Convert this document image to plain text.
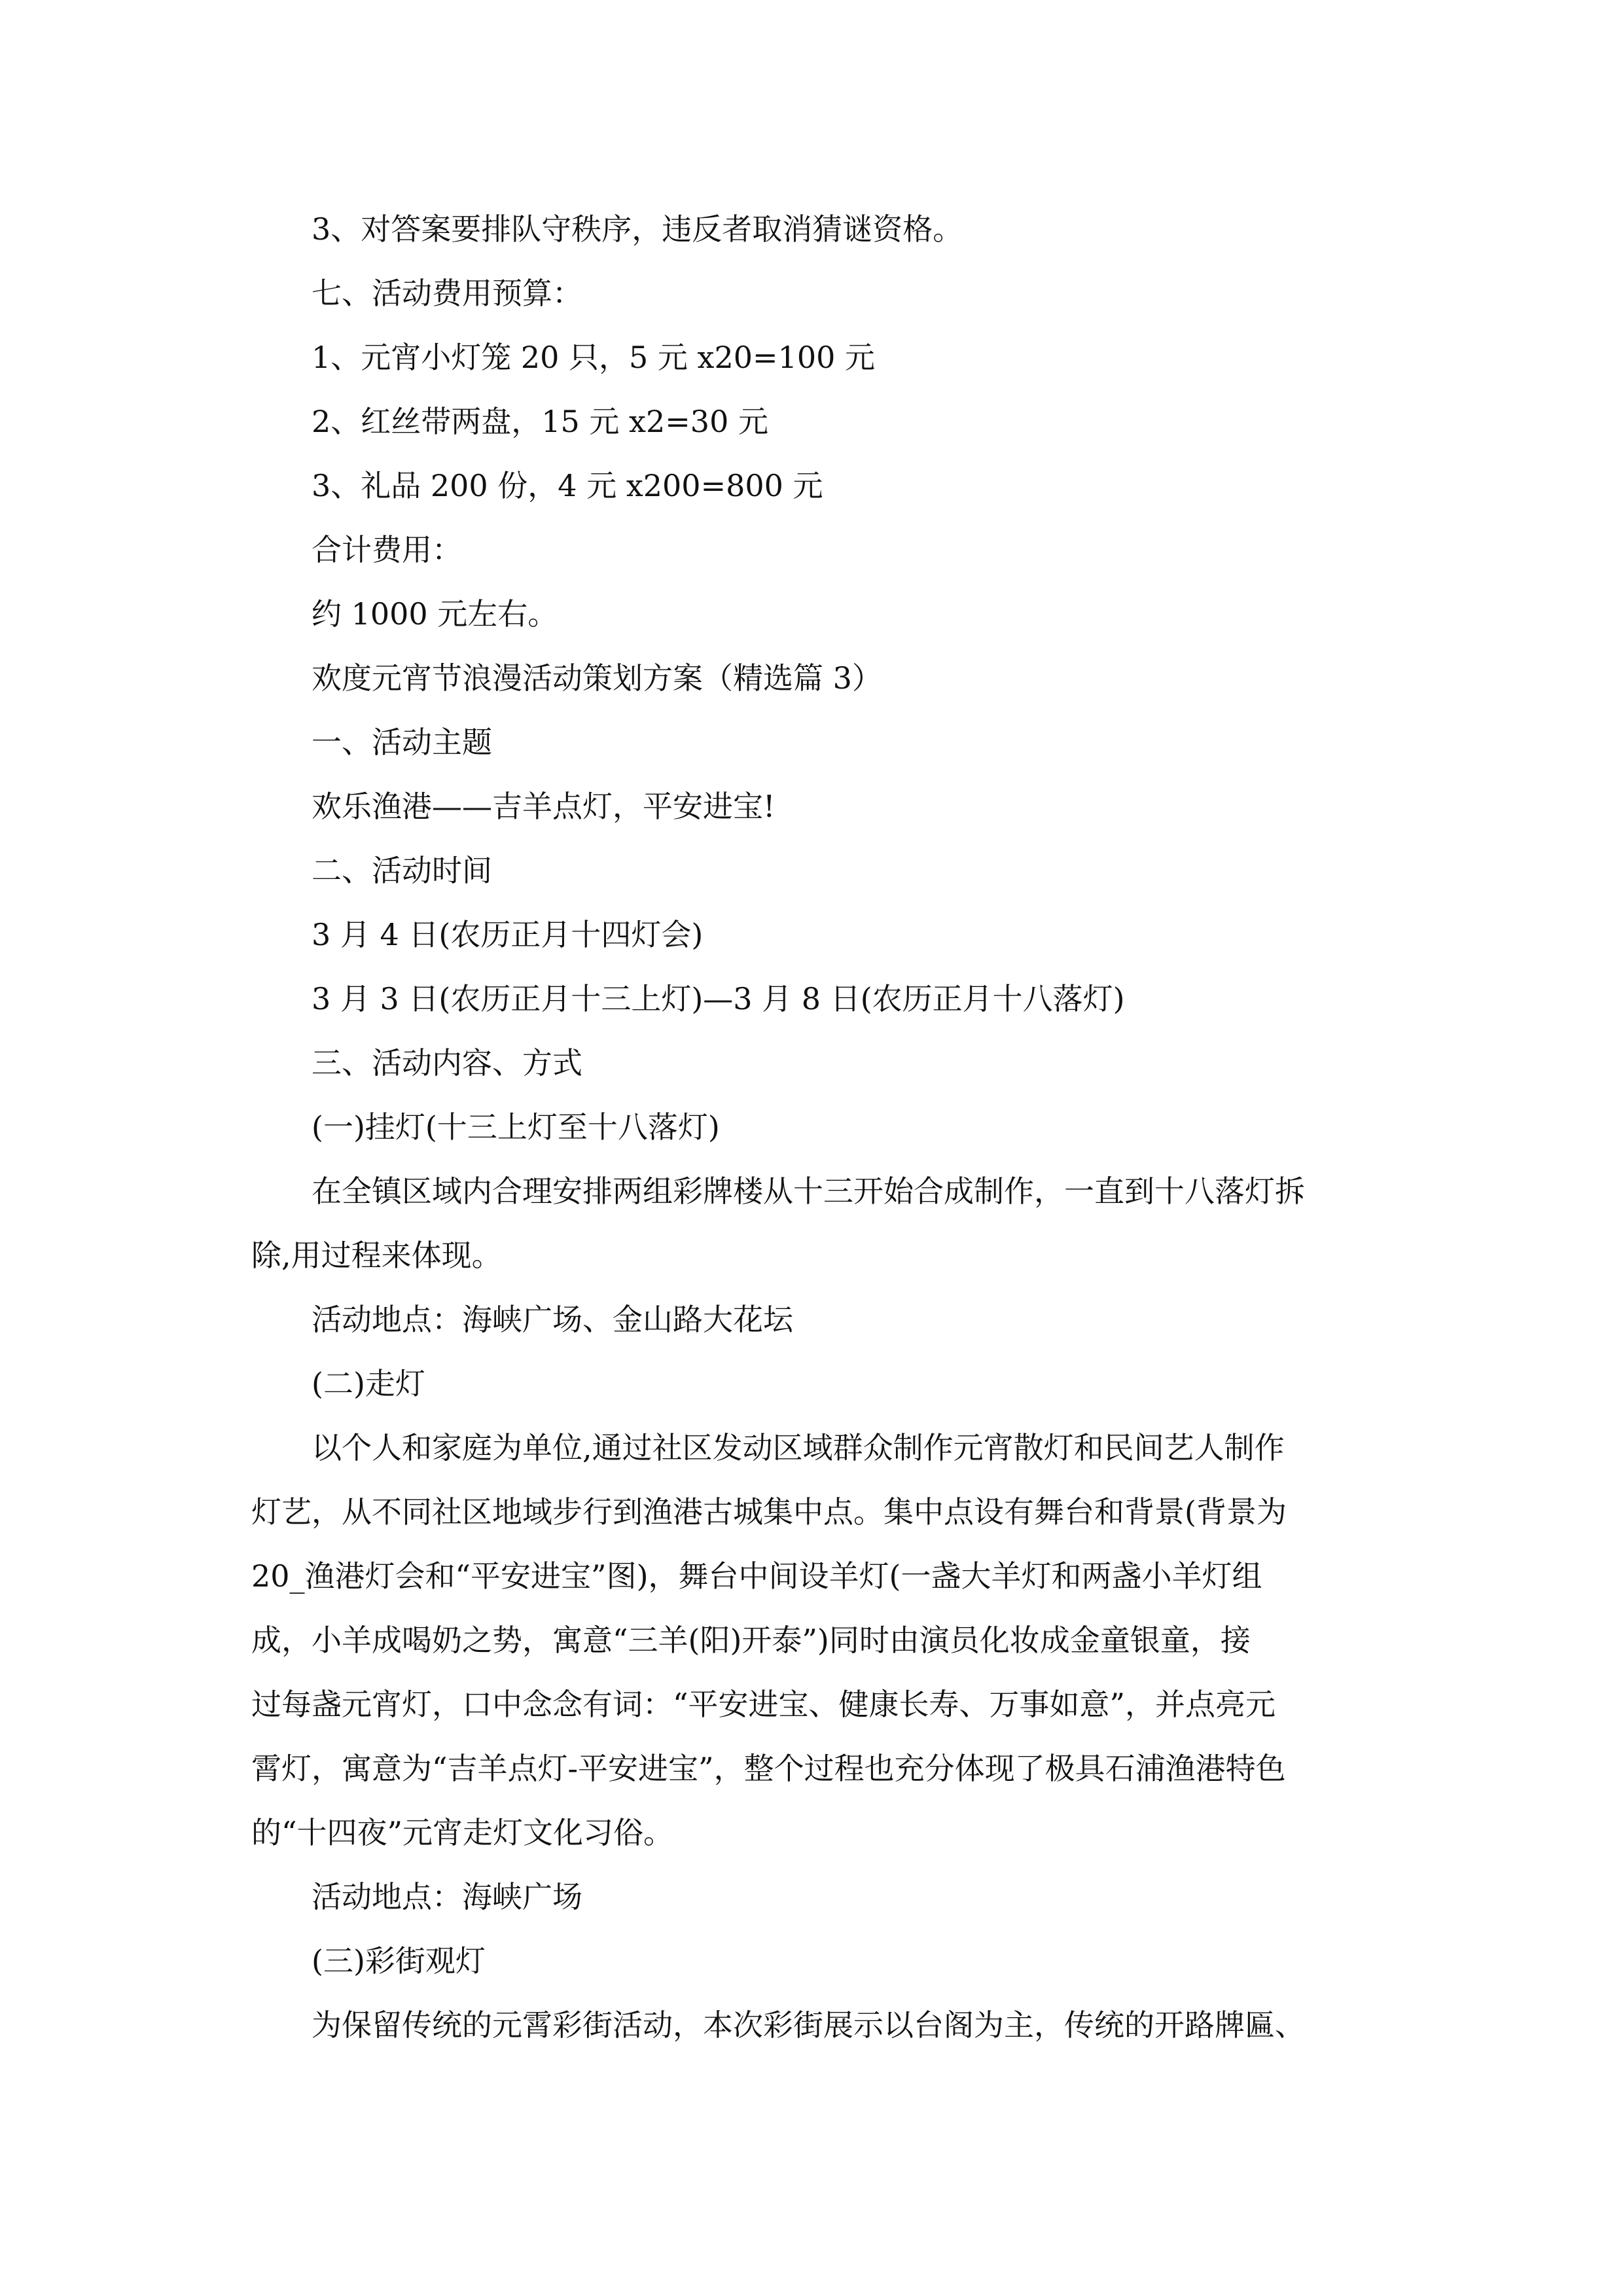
3、对答案要排队守秩序，违反者取消猜谜资格。
七、活动费用预算：
1、元宵小灯笼 20 只，5 元 x20=100 元
2、红丝带两盘，15 元 x2=30 元
3、礼品 200 份，4 元 x200=800 元
合计费用：
约 1000 元左右。
欢度元宵节浪漫活动策划方案（精选篇 3）
一、活动主题
欢乐渔港——吉羊点灯，平安进宝!
二、活动时间
3 月 4 日(农历正月十四灯会)
3 月 3 日(农历正月十三上灯)—3 月 8 日(农历正月十八落灯)
三、活动内容、方式
(一)挂灯(十三上灯至十八落灯)
在全镇区域内合理安排两组彩牌楼从十三开始合成制作，一直到十八落灯拆
除,用过程来体现。
活动地点：海峡广场、金山路大花坛
(二)走灯
以个人和家庭为单位,通过社区发动区域群众制作元宵散灯和民间艺人制作
灯艺，从不同社区地域步行到渔港古城集中点。集中点设有舞台和背景(背景为
20_渔港灯会和“平安进宝”图)，舞台中间设羊灯(一盏大羊灯和两盏小羊灯组
成，小羊成喝奶之势，寓意“三羊(阳)开泰”)同时由演员化妆成金童银童，接
过每盏元宵灯，口中念念有词：“平安进宝、健康长寿、万事如意”，并点亮元
霄灯，寓意为“吉羊点灯-平安进宝”，整个过程也充分体现了极具石浦渔港特色
的“十四夜”元宵走灯文化习俗。
活动地点：海峡广场
(三)彩街观灯
为保留传统的元霄彩街活动，本次彩街展示以台阁为主，传统的开路牌匾、
